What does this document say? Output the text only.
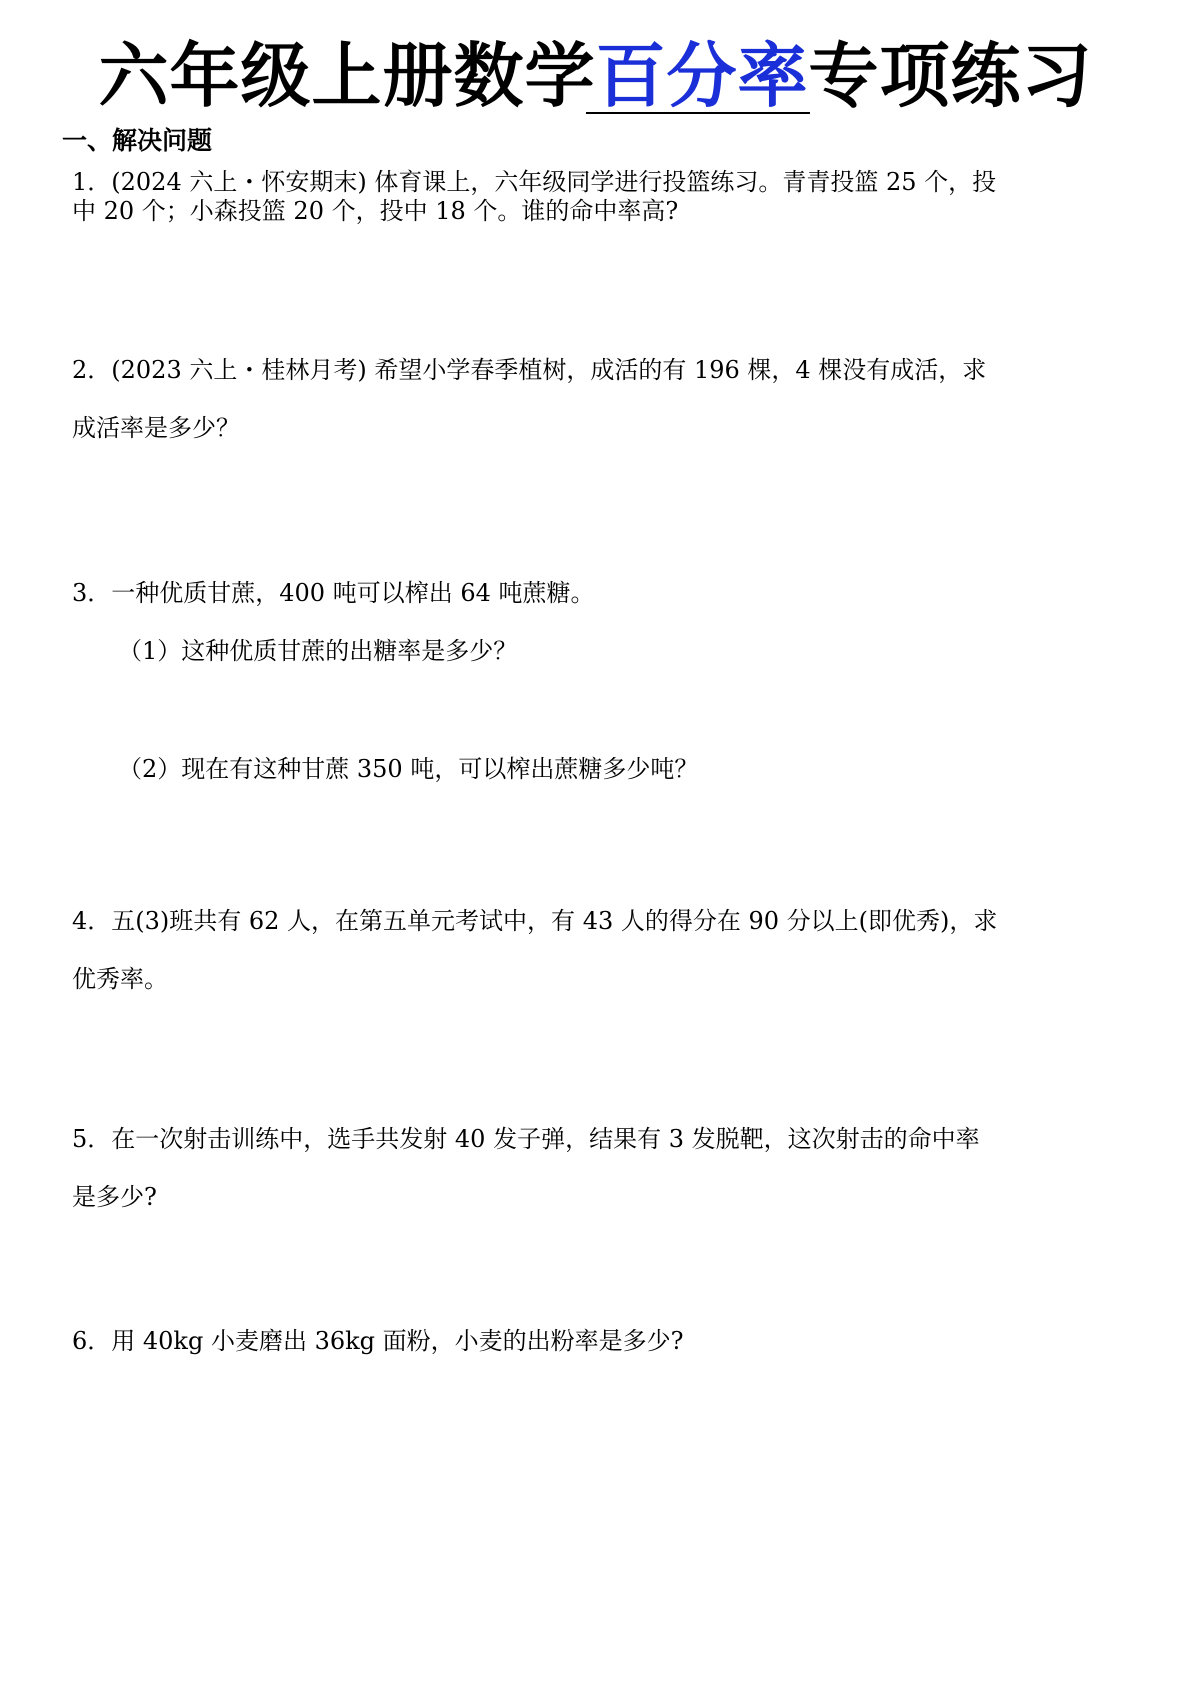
六年级上册数学百分率专项练习
一、解决问题
1．(2024 六上・怀安期末) 体育课上，六年级同学进行投篮练习。青青投篮 25 个，投
中 20 个；小森投篮 20 个，投中 18 个。谁的命中率高?
2．(2023 六上・桂林月考) 希望小学春季植树，成活的有 196 棵，4 棵没有成活，求
成活率是多少？
3．一种优质甘蔗，400 吨可以榨出 64 吨蔗糖。
（1）这种优质甘蔗的出糖率是多少？
（2）现在有这种甘蔗 350 吨，可以榨出蔗糖多少吨？
4．五(3)班共有 62 人，在第五单元考试中，有 43 人的得分在 90 分以上(即优秀)，求
优秀率。
5．在一次射击训练中，选手共发射 40 发子弹，结果有 3 发脱靶，这次射击的命中率
是多少?
6．用 40kg 小麦磨出 36kg 面粉，小麦的出粉率是多少?
